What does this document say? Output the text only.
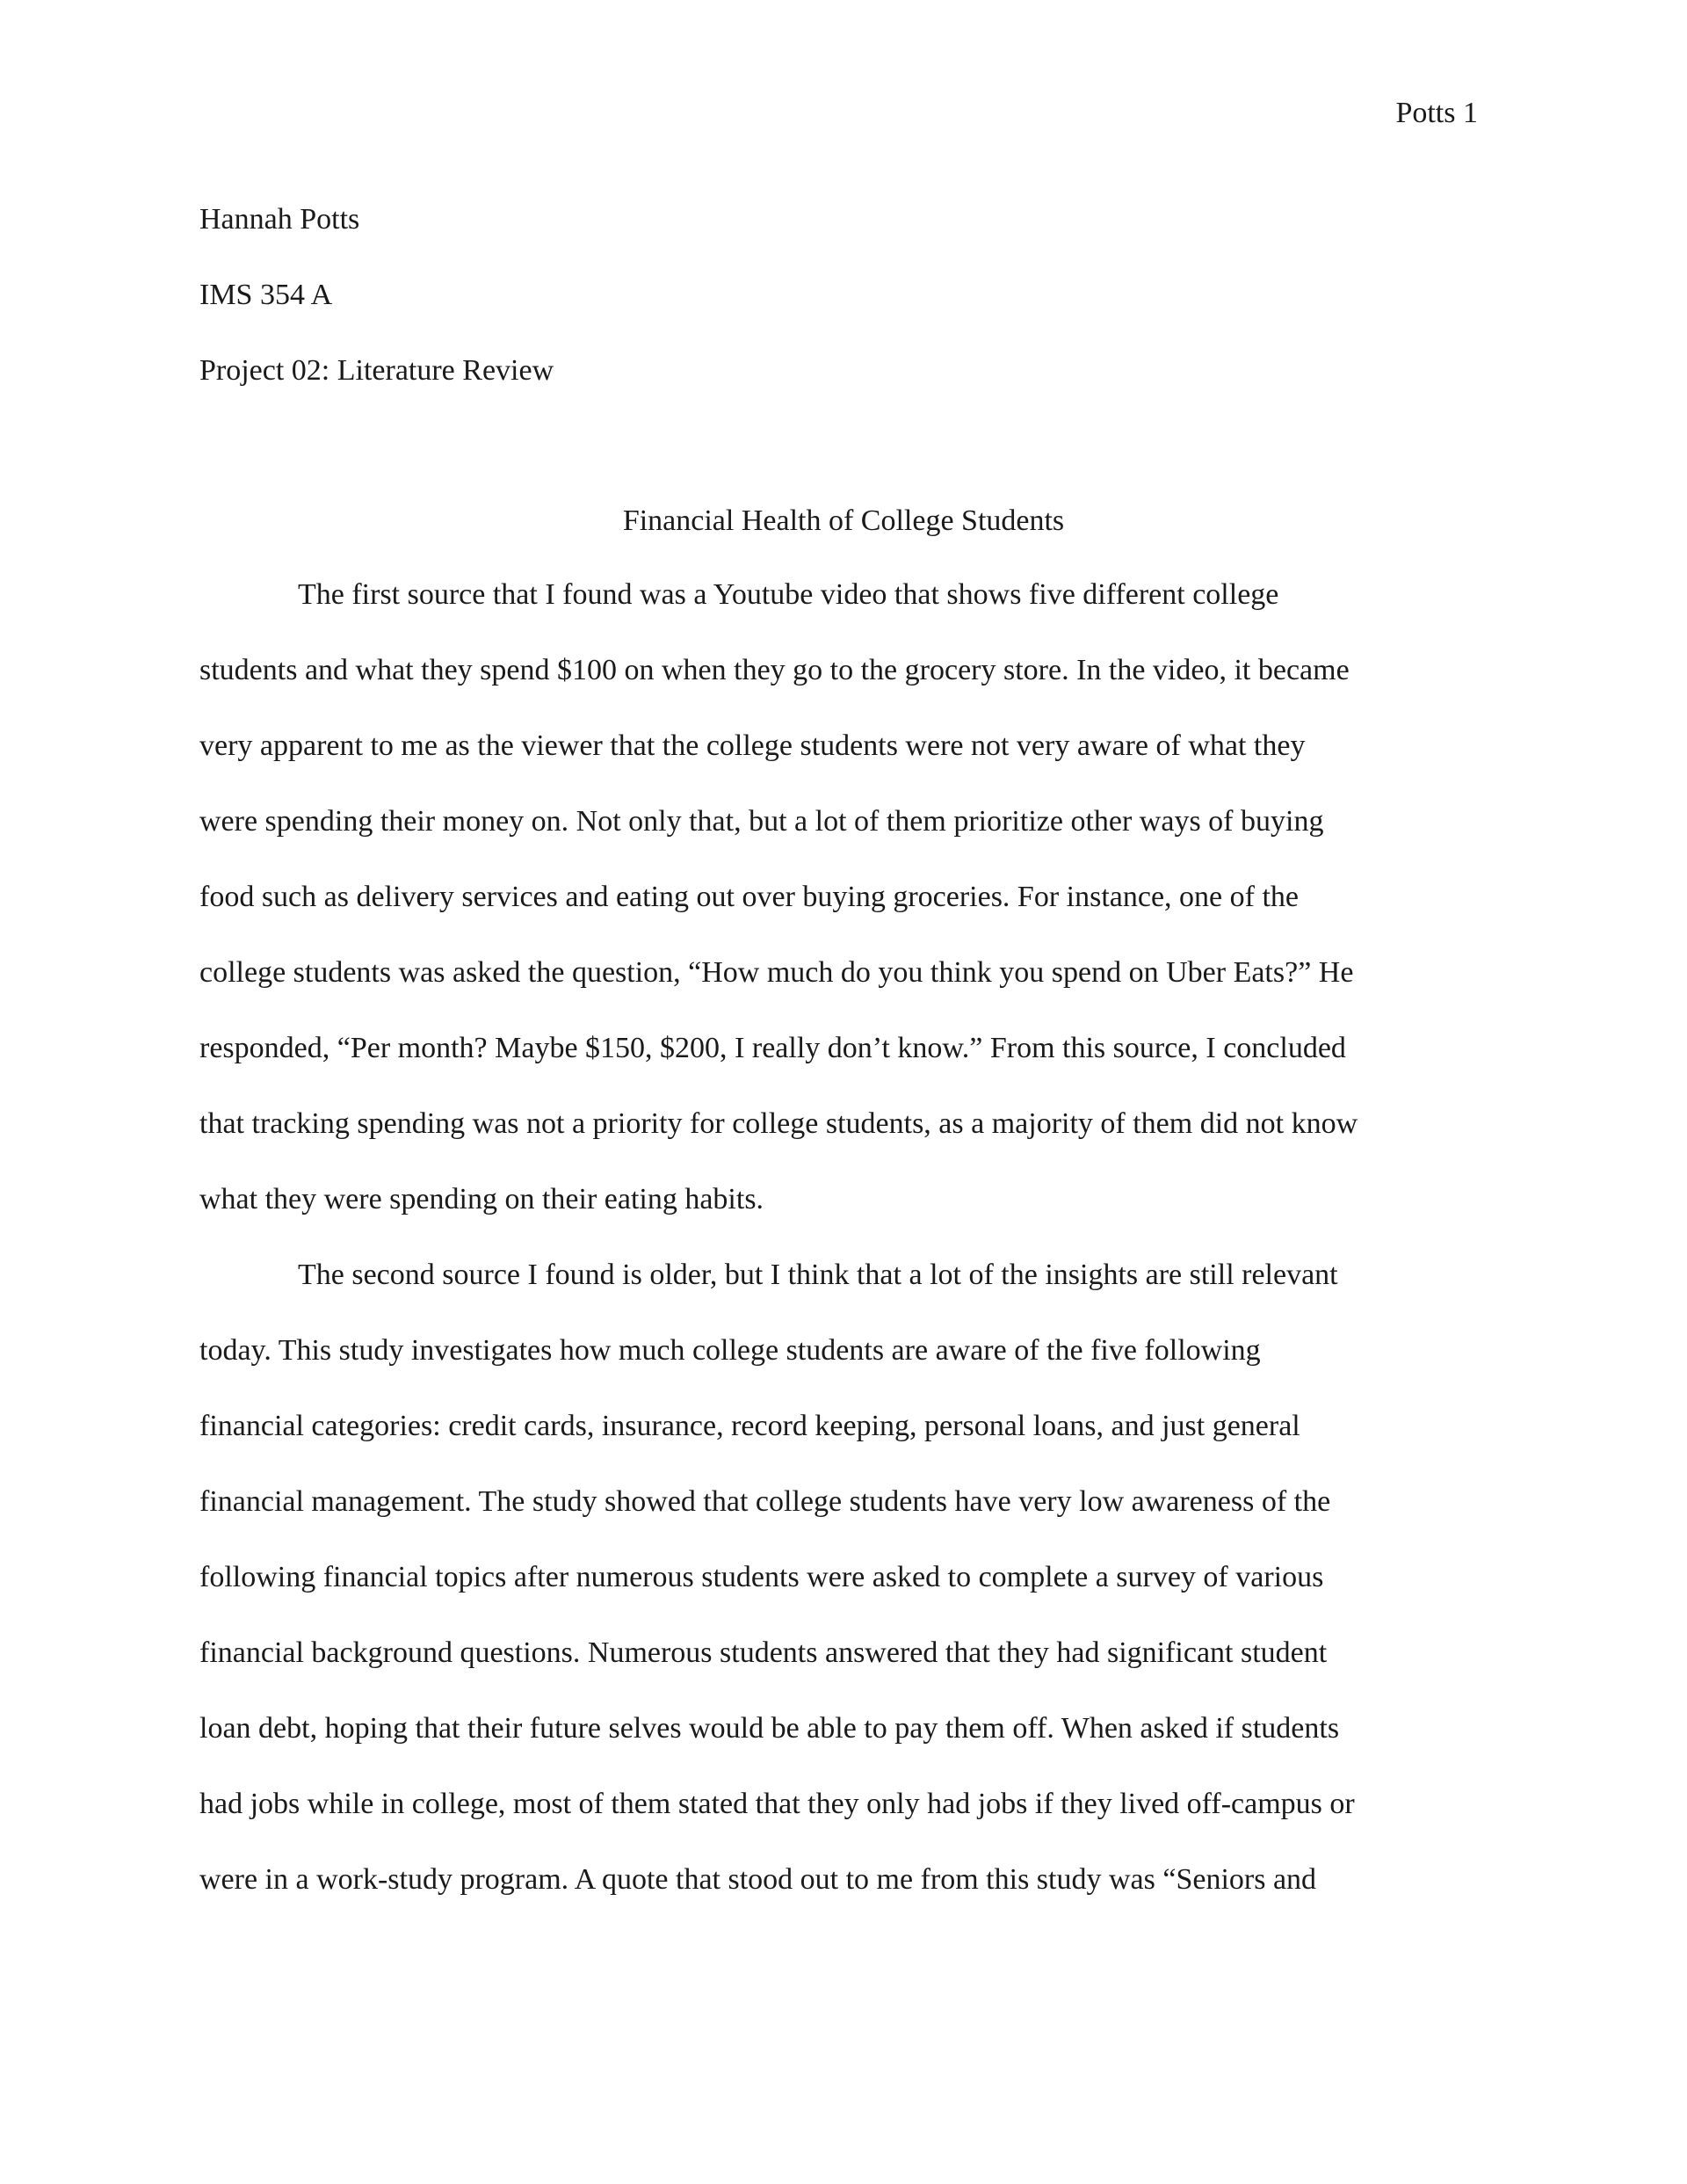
Potts 1
Hannah Potts
IMS 354 A
Project 02: Literature Review
Financial Health of College Students
The first source that I found was a Youtube video that shows five different college
students and what they spend $100 on when they go to the grocery store. In the video, it became
very apparent to me as the viewer that the college students were not very aware of what they
were spending their money on. Not only that, but a lot of them prioritize other ways of buying
food such as delivery services and eating out over buying groceries. For instance, one of the
college students was asked the question, “How much do you think you spend on Uber Eats?” He
responded, “Per month? Maybe $150, $200, I really don’t know.” From this source, I concluded
that tracking spending was not a priority for college students, as a majority of them did not know
what they were spending on their eating habits.
The second source I found is older, but I think that a lot of the insights are still relevant
today. This study investigates how much college students are aware of the five following
financial categories: credit cards, insurance, record keeping, personal loans, and just general
financial management. The study showed that college students have very low awareness of the
following financial topics after numerous students were asked to complete a survey of various
financial background questions. Numerous students answered that they had significant student
loan debt, hoping that their future selves would be able to pay them off. When asked if students
had jobs while in college, most of them stated that they only had jobs if they lived off-campus or
were in a work-study program. A quote that stood out to me from this study was “Seniors and
